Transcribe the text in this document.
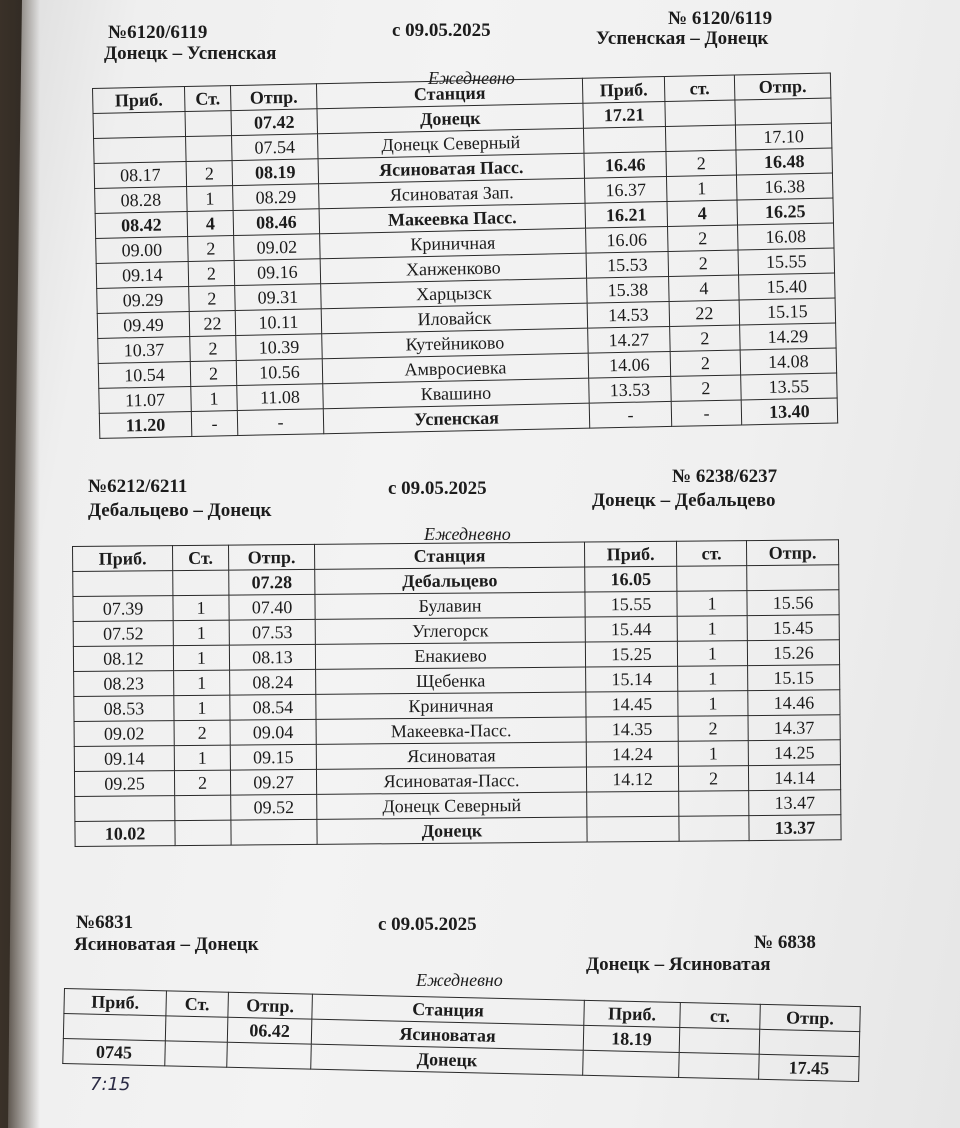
№6120/6119
Донецк – Успенская
с 09.05.2025
№ 6120/6119
Успенская – Донецк
Ежедневно
Приб.	Ст.	Отпр.	Станция	Приб.	ст.	Отпр.
		07.42	Донецк	17.21		
		07.54	Донецк Северный			17.10
08.17	2	08.19	Ясиноватая Пасс.	16.46	2	16.48
08.28	1	08.29	Ясиноватая Зап.	16.37	1	16.38
08.42	4	08.46	Макеевка Пасс.	16.21	4	16.25
09.00	2	09.02	Криничная	16.06	2	16.08
09.14	2	09.16	Ханженково	15.53	2	15.55
09.29	2	09.31	Харцызск	15.38	4	15.40
09.49	22	10.11	Иловайск	14.53	22	15.15
10.37	2	10.39	Кутейниково	14.27	2	14.29
10.54	2	10.56	Амвросиевка	14.06	2	14.08
11.07	1	11.08	Квашино	13.53	2	13.55
11.20	-	-	Успенская	-	-	13.40
№6212/6211
Дебальцево – Донецк
с 09.05.2025
№ 6238/6237
Донецк – Дебальцево
Ежедневно
Приб.	Ст.	Отпр.	Станция	Приб.	ст.	Отпр.
		07.28	Дебальцево	16.05		
07.39	1	07.40	Булавин	15.55	1	15.56
07.52	1	07.53	Углегорск	15.44	1	15.45
08.12	1	08.13	Енакиево	15.25	1	15.26
08.23	1	08.24	Щебенка	15.14	1	15.15
08.53	1	08.54	Криничная	14.45	1	14.46
09.02	2	09.04	Макеевка-Пасс.	14.35	2	14.37
09.14	1	09.15	Ясиноватая	14.24	1	14.25
09.25	2	09.27	Ясиноватая-Пасс.	14.12	2	14.14
		09.52	Донецк Северный			13.47
10.02			Донецк			13.37
№6831
Ясиноватая – Донецк
с 09.05.2025
№ 6838
Донецк – Ясиноватая
Ежедневно
Приб.	Ст.	Отпр.	Станция	Приб.	ст.	Отпр.
		06.42	Ясиноватая	18.19		
0745			Донецк			17.45
7:15
